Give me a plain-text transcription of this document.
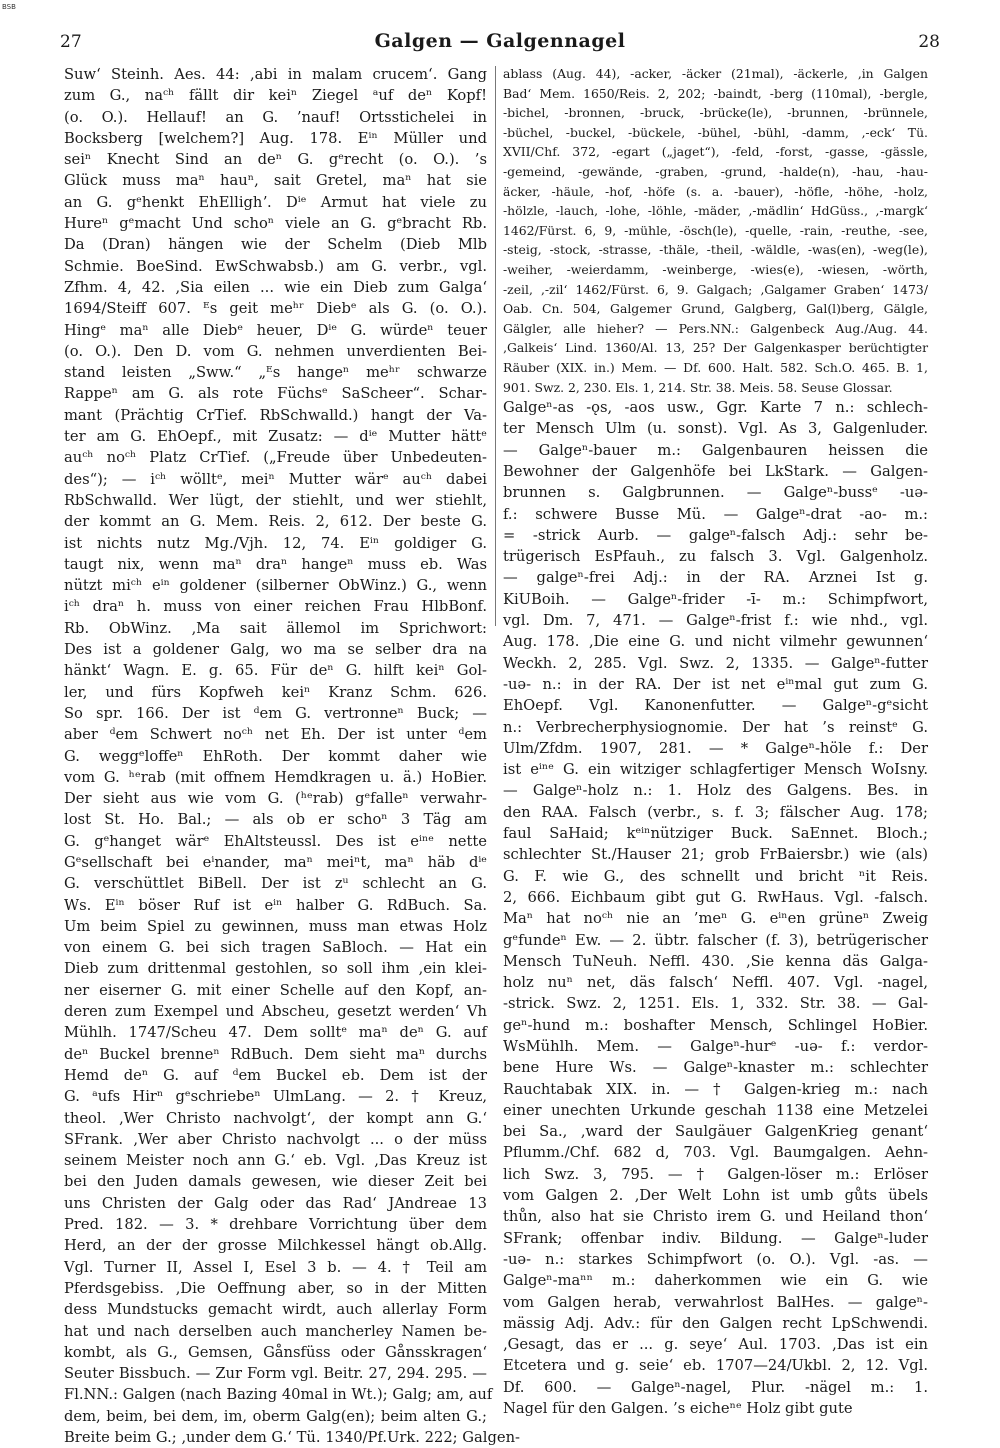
BSB
27	Galgen — Galgennagel	28
Suw‘ Steinh. Aes. 44: ‚abi in malam crucem‘. Gang
zum G., naᶜʰ fällt dir keiⁿ Ziegel ᵃuf deⁿ Kopf!
(o. O.). Hellauf! an G. ’nauf! Ortsstichelei in
Bocksberg [welchem?] Aug. 178. Eⁱⁿ Müller und
seiⁿ Knecht Sind an deⁿ G. gᵉrecht (o. O.). ’s
Glück muss maⁿ hauⁿ, sait Gretel, maⁿ hat sie
an G. gᵉhenkt EhEllighʼ. Dⁱᵉ Armut hat viele zu
Hureⁿ gᵉmacht Und schoⁿ viele an G. gᵉbracht Rb.
Da (Dran) hängen wie der Schelm (Dieb Mlb
Schmie. BoeSind. EwSchwabsb.) am G. verbr., vgl.
Zfhm. 4, 42. ‚Sia eilen ... wie ein Dieb zum Galga‘
1694/Steiff 607. ᴱs geit meʰʳ Diebᵉ als G. (o. O.).
Hingᵉ maⁿ alle Diebᵉ heuer, Dⁱᵉ G. würdeⁿ teuer
(o. O.). Den D. vom G. nehmen unverdienten Bei-
stand leisten „Sww.“ „ᴱs hangeⁿ meʰʳ schwarze
Rappeⁿ am G. als rote Füchsᵉ SaScheer“. Schar-
mant (Prächtig CrTief. RbSchwalld.) hangt der Va-
ter am G. EhOepf., mit Zusatz: — dⁱᵉ Mutter hättᵉ
auᶜʰ noᶜʰ Platz CrTief. („Freude über Unbedeuten-
des“); — iᶜʰ wölltᵉ, meiⁿ Mutter wärᵉ auᶜʰ dabei
RbSchwalld. Wer lügt, der stiehlt, und wer stiehlt,
der kommt an G. Mem. Reis. 2, 612. Der beste G.
ist nichts nutz Mg./Vjh. 12, 74. Eⁱⁿ goldiger G.
taugt nix, wenn maⁿ draⁿ hangeⁿ muss eb. Was
nützt miᶜʰ eⁱⁿ goldener (silberner ObWinz.) G., wenn
iᶜʰ draⁿ h. muss von einer reichen Frau HlbBonf.
Rb. ObWinz. ‚Ma sait ällemol im Sprichwort:
Des ist a goldener Galg, wo ma se selber dra na
hänkt‘ Wagn. E. g. 65. Für deⁿ G. hilft keiⁿ Gol-
ler, und fürs Kopfweh keiⁿ Kranz Schm. 626.
So spr. 166. Der ist ᵈem G. vertronneⁿ Buck; —
aber ᵈem Schwert noᶜʰ net Eh. Der ist unter ᵈem
G. weggᵉloffeⁿ EhRoth. Der kommt daher wie
vom G. ʰᵉrab (mit offnem Hemdkragen u. ä.) HoBier.
Der sieht aus wie vom G. (ʰᵉrab) gᵉfalleⁿ verwahr-
lost St. Ho. Bal.; — als ob er schoⁿ 3 Täg am
G. gᵉhanget wärᵉ EhAltsteussl. Des ist eⁱⁿᵉ nette
Gᵉsellschaft bei eⁱnander, maⁿ meiⁿt, maⁿ häb dⁱᵉ
G. verschüttlet BiBell. Der ist zᵘ schlecht an G.
Ws. Eⁱⁿ böser Ruf ist eⁱⁿ halber G. RdBuch. Sa.
Um beim Spiel zu gewinnen, muss man etwas Holz
von einem G. bei sich tragen SaBloch. — Hat ein
Dieb zum drittenmal gestohlen, so soll ihm ‚ein klei-
ner eiserner G. mit einer Schelle auf den Kopf, an-
deren zum Exempel und Abscheu, gesetzt werden‘ Vh
Mühlh. 1747/Scheu 47. Dem solltᵉ maⁿ deⁿ G. auf
deⁿ Buckel brenneⁿ RdBuch. Dem sieht maⁿ durchs
Hemd deⁿ G. auf ᵈem Buckel eb. Dem ist der
G. ᵃufs Hirⁿ gᵉschriebeⁿ UlmLang. — 2. † Kreuz,
theol. ‚Wer Christo nachvolgt‘, der kompt ann G.‘
SFrank. ‚Wer aber Christo nachvolgt ... o der müss
seinem Meister noch ann G.‘ eb. Vgl. ‚Das Kreuz ist
bei den Juden damals gewesen, wie dieser Zeit bei
uns Christen der Galg oder das Rad‘ JAndreae 13
Pred. 182. — 3. * drehbare Vorrichtung über dem
Herd, an der der grosse Milchkessel hängt ob.Allg.
Vgl. Turner II, Assel I, Esel 3 b. — 4. † Teil am
Pferdsgebiss. ‚Die Oeffnung aber, so in der Mitten
dess Mundstucks gemacht wirdt, auch allerlay Form
hat und nach derselben auch mancherley Namen be-
kombt, als G., Gemsen, Gånsfüss oder Gånsskragen‘
Seuter Bissbuch. — Zur Form vgl. Beitr. 27, 294. 295. —
Fl.NN.: Galgen (nach Bazing 40mal in Wt.); Galg; am, auf
dem, beim, bei dem, im, oberm Galg(en); beim alten G.;
Breite beim G.; ‚under dem G.‘ Tü. 1340/Pf.Urk. 222; Galgen-
ablass (Aug. 44), -acker, -äcker (21mal), -äckerle, ‚in Galgen
Bad‘ Mem. 1650/Reis. 2, 202; -baindt, -berg (110mal), -bergle,
-bichel, -bronnen, -bruck, -brücke(le), -brunnen, -brünnele,
-büchel, -buckel, -bückele, -bühel, -bühl, -damm, ‚-eck‘ Tü.
XVII/Chf. 372, -egart („jaget“), -feld, -forst, -gasse, -gässle,
-gemeind, -gewände, -graben, -grund, -halde(n), -hau, -hau-
äcker, -häule, -hof, -höfe (s. a. -bauer), -höfle, -höhe, -holz,
-hölzle, -lauch, -lohe, -löhle, -mäder, ‚-mädlin‘ HdGüss., ‚-margk‘
1462/Fürst. 6, 9, -mühle, -ösch(le), -quelle, -rain, -reuthe, -see,
-steig, -stock, -strasse, -thäle, -theil, -wäldle, -was(en), -weg(le),
-weiher, -weierdamm, -weinberge, -wies(e), -wiesen, -wörth,
-zeil, ‚-zil‘ 1462/Fürst. 6, 9. Galgach; ‚Galgamer Graben‘ 1473/
Oab. Cn. 504, Galgemer Grund, Galgberg, Gal(l)berg, Gälgle,
Gälgler, alle hieher? — Pers.NN.: Galgenbeck Aug./Aug. 44.
‚Galkeis‘ Lind. 1360/Al. 13, 25? Der Galgenkasper berüchtigter
Räuber (XIX. in.) Mem. — Df. 600. Halt. 582. Sch.O. 465. B. 1,
901. Swz. 2, 230. Els. 1, 214. Str. 38. Meis. 58. Seuse Glossar.
Galgeⁿ-as -ǫs, -aos usw., Ggr. Karte 7 n.: schlech-
ter Mensch Ulm (u. sonst). Vgl. As 3, Galgenluder.
— Galgeⁿ-bauer m.: Galgenbauren heissen die
Bewohner der Galgenhöfe bei LkStark. — Galgen-
brunnen s. Galgbrunnen. — Galgeⁿ-bussᵉ -uə-
f.: schwere Busse Mü. — Galgeⁿ-drat -ao- m.:
= -strick Aurb. — galgeⁿ-falsch Adj.: sehr be-
trügerisch EsPfauh., zu falsch 3. Vgl. Galgenholz.
— galgeⁿ-frei Adj.: in der RA. Arznei Ist g.
KiUBoih. — Galgeⁿ-frider -ī- m.: Schimpfwort,
vgl. Dm. 7, 471. — Galgeⁿ-frist f.: wie nhd., vgl.
Aug. 178. ‚Die eine G. und nicht vilmehr gewunnen‘
Weckh. 2, 285. Vgl. Swz. 2, 1335. — Galgeⁿ-futter
-uə- n.: in der RA. Der ist net eⁱⁿmal gut zum G.
EhOepf. Vgl. Kanonenfutter. — Galgeⁿ-gᵉsicht
n.: Verbrecherphysiognomie. Der hat ’s reinstᵉ G.
Ulm/Zfdm. 1907, 281. — * Galgeⁿ-höle f.: Der
ist eⁱⁿᵉ G. ein witziger schlagfertiger Mensch WoIsny.
— Galgeⁿ-holz n.: 1. Holz des Galgens. Bes. in
den RAA. Falsch (verbr., s. f. 3; fälscher Aug. 178;
faul SaHaid; kᵉⁱⁿnütziger Buck. SaEnnet. Bloch.;
schlechter St./Hauser 21; grob FrBaiersbr.) wie (als)
G. F. wie G., des schnellt und bricht ⁿit Reis.
2, 666. Eichbaum gibt gut G. RwHaus. Vgl. -falsch.
Maⁿ hat noᶜʰ nie an ’meⁿ G. eⁱⁿen grüneⁿ Zweig
gᵉfundeⁿ Ew. — 2. übtr. falscher (f. 3), betrügerischer
Mensch TuNeuh. Neffl. 430. ‚Sie kenna däs Galga-
holz nuⁿ net, däs falsch‘ Neffl. 407. Vgl. -nagel,
-strick. Swz. 2, 1251. Els. 1, 332. Str. 38. — Gal-
geⁿ-hund m.: boshafter Mensch, Schlingel HoBier.
WsMühlh. Mem. — Galgeⁿ-hurᵉ -uə- f.: verdor-
bene Hure Ws. — Galgeⁿ-knaster m.: schlechter
Rauchtabak XIX. in. — † Galgen-krieg m.: nach
einer unechten Urkunde geschah 1138 eine Metzelei
bei Sa., ‚ward der Saulgäuer GalgenKrieg genant‘
Pflumm./Chf. 682 d, 703. Vgl. Baumgalgen. Aehn-
lich Swz. 3, 795. — † Galgen-löser m.: Erlöser
vom Galgen 2. ‚Der Welt Lohn ist umb gůts übels
thůn, also hat sie Christo irem G. und Heiland thon‘
SFrank; offenbar indiv. Bildung. — Galgeⁿ-luder
-uə- n.: starkes Schimpfwort (o. O.). Vgl. -as. —
Galgeⁿ-maⁿⁿ m.: daherkommen wie ein G. wie
vom Galgen herab, verwahrlost BalHes. — galgeⁿ-
mässig Adj. Adv.: für den Galgen recht LpSchwendi.
‚Gesagt, das er ... g. seye‘ Aul. 1703. ‚Das ist ein
Etcetera und g. seie‘ eb. 1707—24/Ukbl. 2, 12. Vgl.
Df. 600. — Galgeⁿ-nagel, Plur. -nägel m.: 1.
Nagel für den Galgen. ’s eicheⁿᵉ Holz gibt gute
